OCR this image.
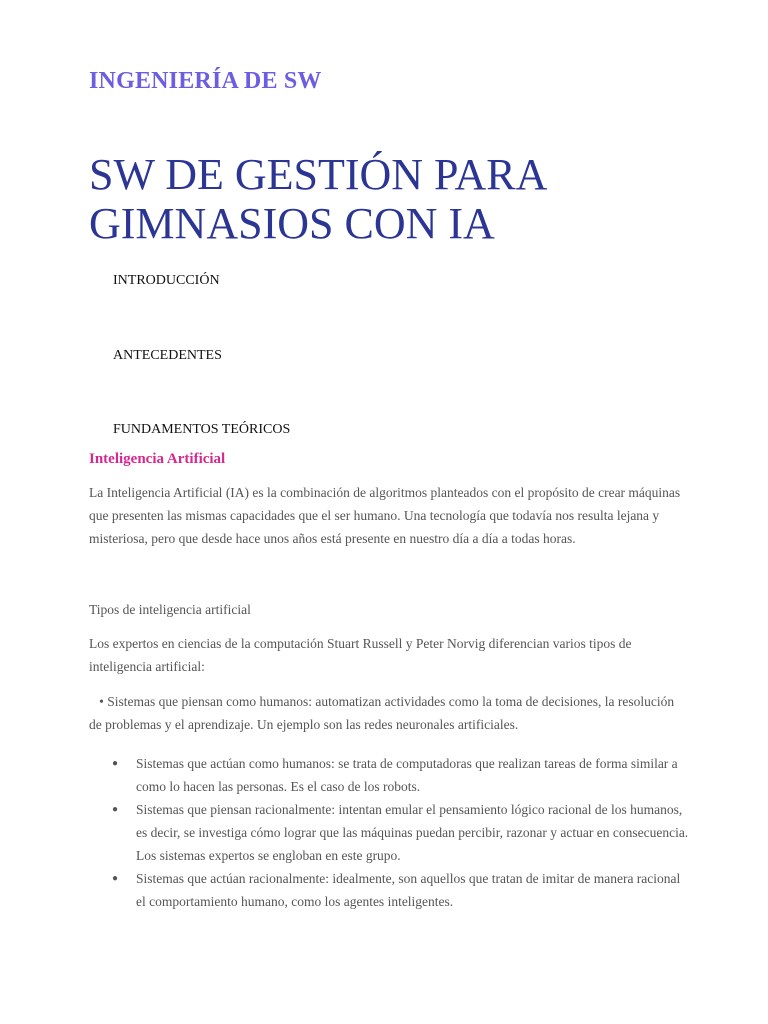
INGENIERÍA DE SW
SW DE GESTIÓN PARA GIMNASIOS CON IA
INTRODUCCIÓN
ANTECEDENTES
FUNDAMENTOS TEÓRICOS
Inteligencia Artificial

La Inteligencia Artificial (IA) es la combinación de algoritmos planteados con el propósito de crear máquinas que presenten las mismas capacidades que el ser humano. Una tecnología que todavía nos resulta lejana y misteriosa, pero que desde hace unos años está presente en nuestro día a día a todas horas.

Tipos de inteligencia artificial

Los expertos en ciencias de la computación Stuart Russell y Peter Norvig diferencian varios tipos de inteligencia artificial:

• Sistemas que piensan como humanos: automatizan actividades como la toma de decisiones, la resolución de problemas y el aprendizaje. Un ejemplo son las redes neuronales artificiales.

● Sistemas que actúan como humanos: se trata de computadoras que realizan tareas de forma similar a como lo hacen las personas. Es el caso de los robots.
● Sistemas que piensan racionalmente: intentan emular el pensamiento lógico racional de los humanos, es decir, se investiga cómo lograr que las máquinas puedan percibir, razonar y actuar en consecuencia. Los sistemas expertos se engloban en este grupo.
● Sistemas que actúan racionalmente: idealmente, son aquellos que tratan de imitar de manera racional el comportamiento humano, como los agentes inteligentes.
